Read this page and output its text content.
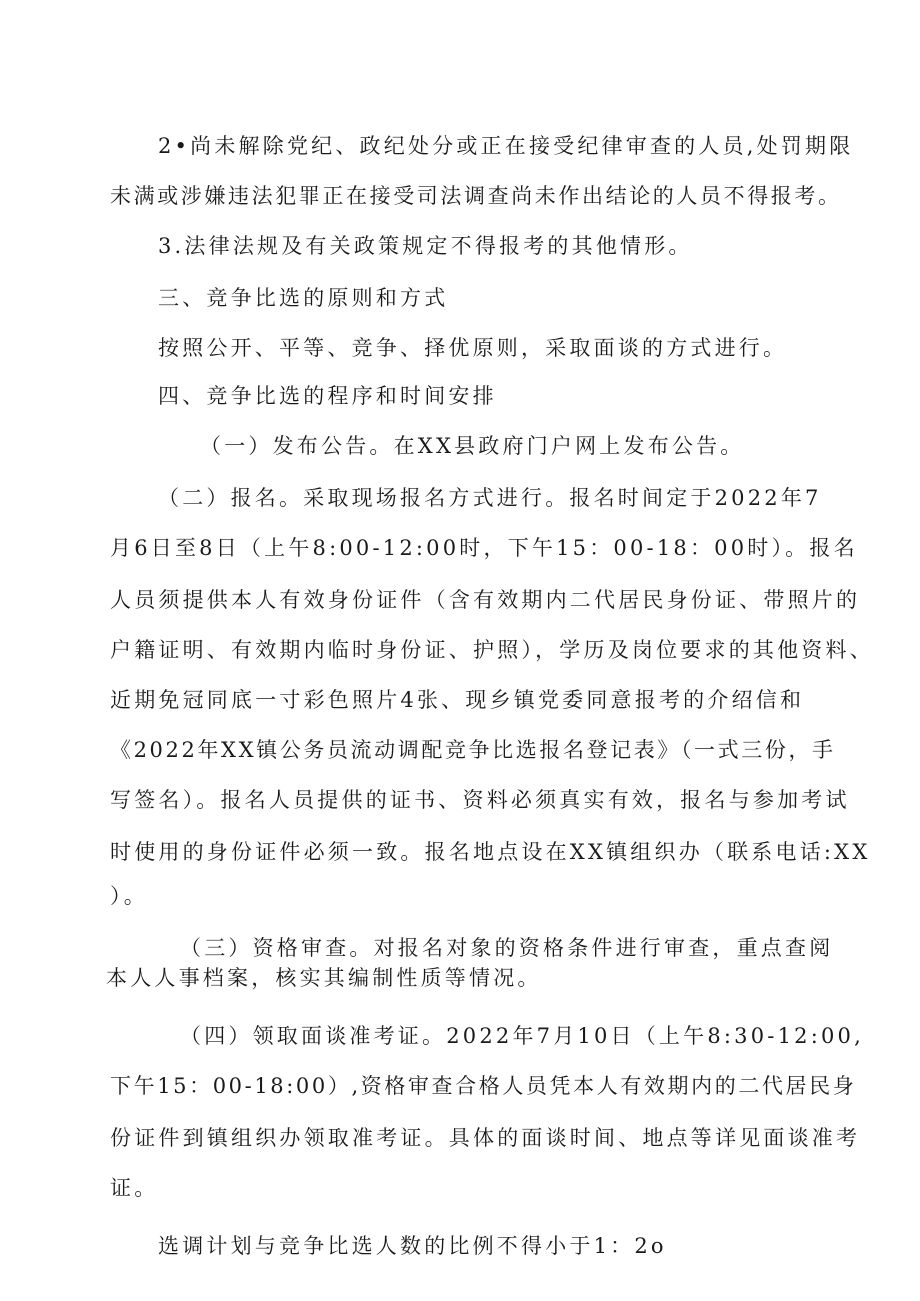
2•尚未解除党纪、政纪处分或正在接受纪律审查的人员,处罚期限

未满或涉嫌违法犯罪正在接受司法调查尚未作出结论的人员不得报考。

3.法律法规及有关政策规定不得报考的其他情形。

三、竞争比选的原则和方式

按照公开、平等、竞争、择优原则，采取面谈的方式进行。

四、竞争比选的程序和时间安排

（一）发布公告。在XX县政府门户网上发布公告。

（二）报名。采取现场报名方式进行。报名时间定于2022年7

月6日至8日（上午8:00-12:00时，下午15：00-18：00时）。报名

人员须提供本人有效身份证件（含有效期内二代居民身份证、带照片的

户籍证明、有效期内临时身份证、护照），学历及岗位要求的其他资料、

近期免冠同底一寸彩色照片4张、现乡镇党委同意报考的介绍信和

《2022年XX镇公务员流动调配竞争比选报名登记表》（一式三份，手

写签名）。报名人员提供的证书、资料必须真实有效，报名与参加考试

时使用的身份证件必须一致。报名地点设在XX镇组织办（联系电话:XX

）。

（三）资格审查。对报名对象的资格条件进行审查，重点查阅

本人人事档案，核实其编制性质等情况。

（四）领取面谈准考证。2022年7月10日（上午8:30-12:00,

下午15：00-18:00）,资格审查合格人员凭本人有效期内的二代居民身

份证件到镇组织办领取准考证。具体的面谈时间、地点等详见面谈准考

证。

选调计划与竞争比选人数的比例不得小于1：2o
